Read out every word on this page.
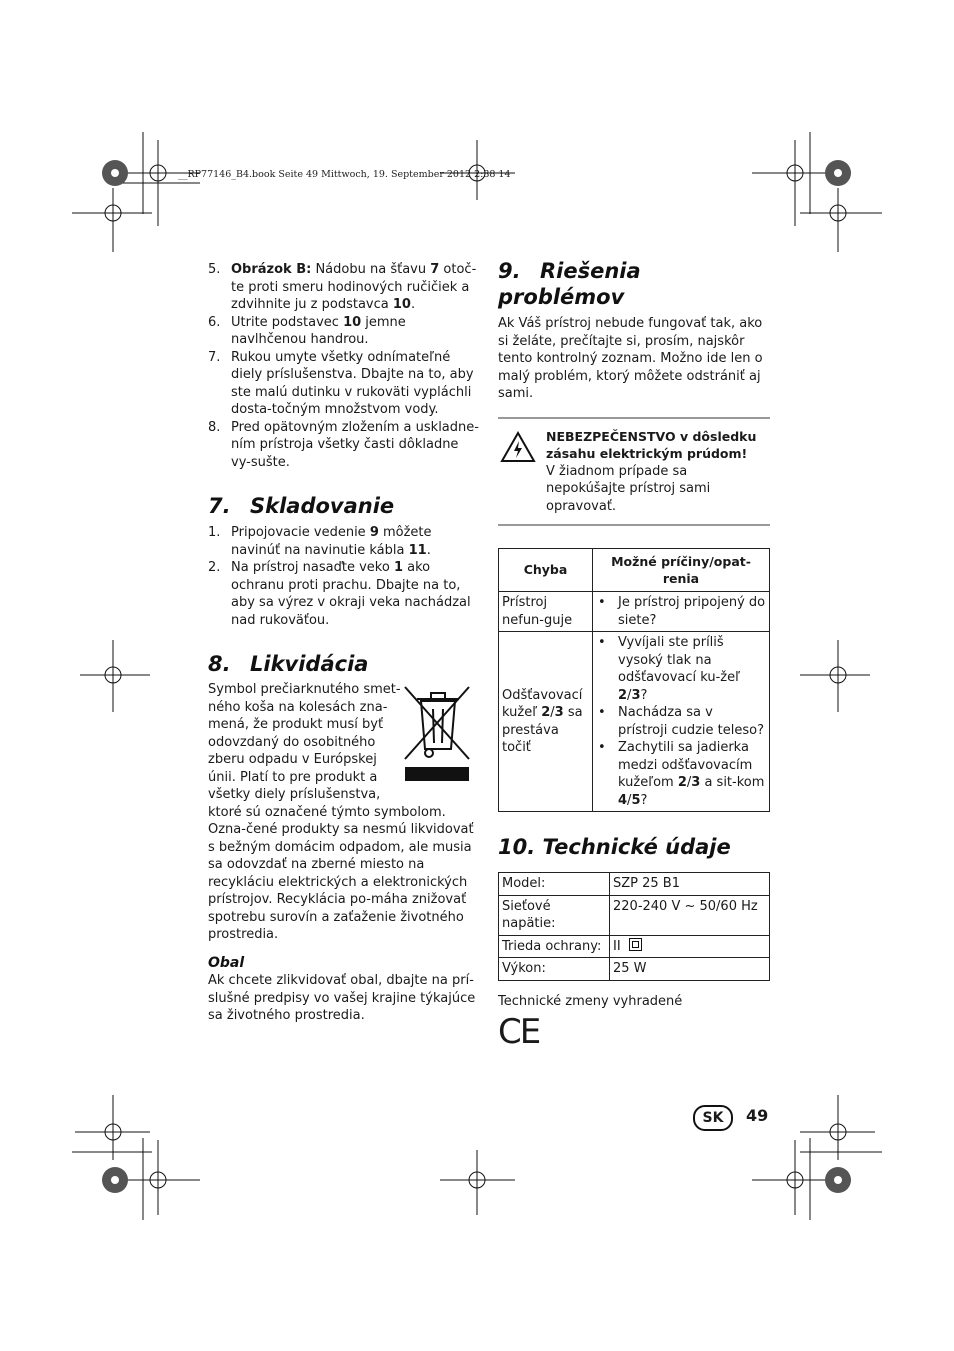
__RP77146_B4.book Seite 49 Mittwoch, 19. September 2012 2:38 14
5. Obrázok B: Nádobu na šťavu 7 otoč-te proti smeru hodinových ručičiek a zdvihnite ju z podstavca 10.
6. Utrite podstavec 10 jemne navlhčenou handrou.
7. Rukou umyte všetky odnímateľné diely príslušenstva. Dbajte na to, aby ste malú dutinku v rukoväti vypláchli dosta-točným množstvom vody.
8. Pred opätovným zložením a uskladne-ním prístroja všetky časti dôkladne vy-sušte.
7. Skladovanie
1. Pripojovacie vedenie 9 môžete navinúť na navinutie kábla 11.
2. Na prístroj nasaďte veko 1 ako ochranu proti prachu. Dbajte na to, aby sa výrez v okraji veka nachádzal nad rukoväťou.
8. Likvidácia
Symbol prečiarknutého smet-
ného koša na kolesách zna-
mená, že produkt musí byť
odovzdaný do osobitného
zberu odpadu v Európskej
únii. Platí to pre produkt a
všetky diely príslušenstva,

ktoré sú označené týmto symbolom. Ozna-čené produkty sa nesmú likvidovať s bežným domácim odpadom, ale musia sa odovzdať na zberné miesto na recykláciu elektrických a elektronických prístrojov. Recyklácia po-máha znižovať spotrebu surovín a zaťaženie životného prostredia.

Obal

Ak chcete zlikvidovať obal, dbajte na prí-slušné predpisy vo vašej krajine týkajúce sa životného prostredia.

9. Riešenia problémov

Ak Váš prístroj nebude fungovať tak, ako si želáte, prečítajte si, prosím, najskôr tento kontrolný zoznam. Možno ide len o malý problém, ktorý môžete odstrániť aj sami.

NEBEZPEČENSTVO v dôsledku zásahu elektrickým prúdom!
V žiadnom prípade sa nepokúšajte prístroj sami opravovať.
Chyba	Možné príčiny/opat-renia
Prístroj nefun-guje	• Je prístroj pripojený do siete?

Odšťavovací kužeľ 2/3 sa prestáva točiť	• Vyvíjali ste príliš vysoký tlak na odšťavovací ku-žeľ 2/3?
• Nachádza sa v prístroji cudzie teleso?
• Zachytili sa jadierka medzi odšťavovacím kužeľom 2/3 a sit-kom 4/5?
10. Technické údaje
Model:	SZP 25 B1
Sieťové napätie:	220-240 V ~ 50/60 Hz
Trieda ochrany:	II

Výkon:	25 W

Technické zmeny vyhradené

CE
SK	49
